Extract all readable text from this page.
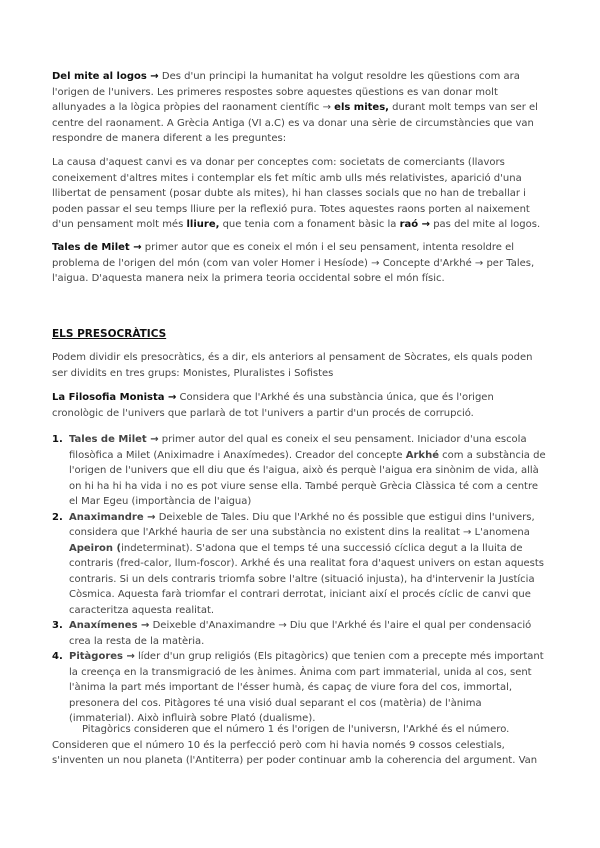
Del mite al logos → Des d'un principi la humanitat ha volgut resoldre les qüestions com ara l'origen de l'univers. Les primeres respostes sobre aquestes qüestions es van donar molt allunyades a la lògica pròpies del raonament científic → els mites, durant molt temps van ser el centre del raonament. A Grècia Antiga (VI a.C) es va donar una sèrie de circumstàncies que van respondre de manera diferent a les preguntes:

La causa d'aquest canvi es va donar per conceptes com: societats de comerciants (llavors coneixement d'altres mites i contemplar els fet mític amb ulls més relativistes, aparició d'una llibertat de pensament (posar dubte als mites), hi han classes socials que no han de treballar i poden passar el seu temps lliure per la reflexió pura. Totes aquestes raons porten al naixement d'un pensament molt més lliure, que tenia com a fonament bàsic la raó → pas del mite al logos.

Tales de Milet → primer autor que es coneix el món i el seu pensament, intenta resoldre el problema de l'origen del món (com van voler Homer i Hesíode) → Concepte d'Arkhé → per Tales, l'aigua. D'aquesta manera neix la primera teoria occidental sobre el món físic.

ELS PRESOCRÀTICS

Podem dividir els presocràtics, és a dir, els anteriors al pensament de Sòcrates, els quals poden ser dividits en tres grups: Monistes, Pluralistes i Sofistes

La Filosofia Monista → Considera que l'Arkhé és una substància única, que és l'origen cronològic de l'univers que parlarà de tot l'univers a partir d'un procés de corrupció.

1. Tales de Milet → primer autor del qual es coneix el seu pensament. Iniciador d'una escola filosòfica a Milet (Aniximadre i Anaxímedes). Creador del concepte Arkhé com a substància de l'origen de l'univers que ell diu que és l'aigua, això és perquè l'aigua era sinònim de vida, allà on hi ha hi ha vida i no es pot viure sense ella. També perquè Grècia Clàssica té com a centre el Mar Egeu (importància de l'aigua)
2. Anaximandre → Deixeble de Tales. Diu que l'Arkhé no és possible que estigui dins l'univers, considera que l'Arkhé hauria de ser una substància no existent dins la realitat → L'anomena Apeiron (indeterminat). S'adona que el temps té una successió cíclica degut a la lluita de contraris (fred-calor, llum-foscor). Arkhé és una realitat fora d'aquest univers on estan aquests contraris. Si un dels contraris triomfa sobre l'altre (situació injusta), ha d'intervenir la Justícia Còsmica. Aquesta farà triomfar el contrari derrotat, iniciant així el procés cíclic de canvi que caracteritza aquesta realitat.
3. Anaxímenes → Deixeble d'Anaximandre → Diu que l'Arkhé és l'aire el qual per condensació crea la resta de la matèria.
4. Pitàgores → líder d'un grup religiós (Els pitagòrics) que tenien com a precepte més important la creença en la transmigració de les ànimes. Ànima com part immaterial, unida al cos, sent l'ànima la part més important de l'ésser humà, és capaç de viure fora del cos, immortal, presonera del cos. Pitàgores té una visió dual separant el cos (matèria) de l'ànima (immaterial). Això influirà sobre Plató (dualisme).

Pitagòrics consideren que el número 1 és l'origen de l'universn, l'Arkhé és el número. Consideren que el número 10 és la perfecció però com hi havia només 9 cossos celestials, s'inventen un nou planeta (l'Antiterra) per poder continuar amb la coherencia del argument. Van
